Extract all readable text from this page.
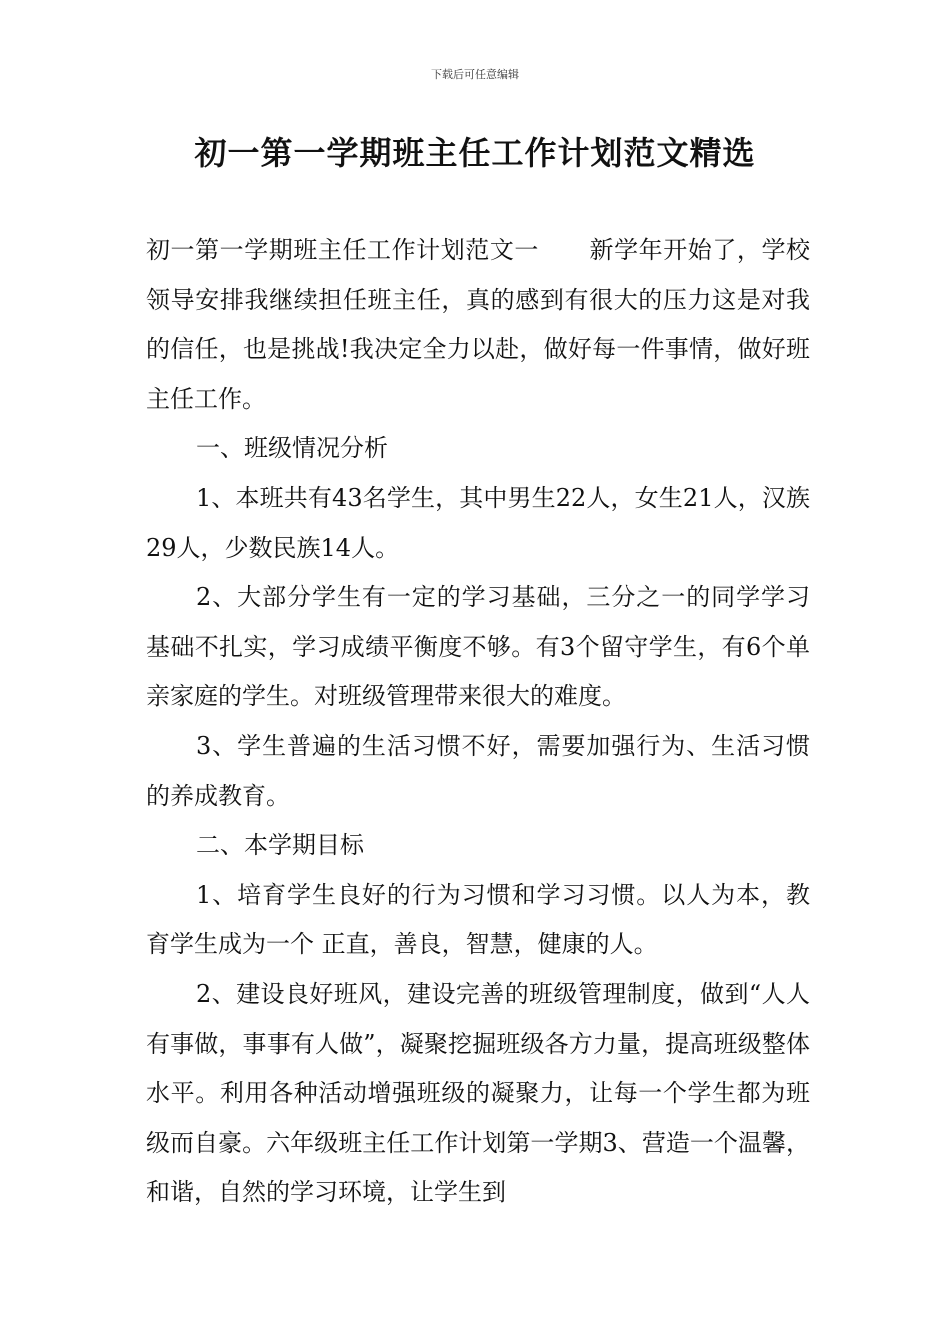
下载后可任意编辑
初一第一学期班主任工作计划范文精选

初一第一学期班主任工作计划范文一 新学年开始了，学校领导安排我继续担任班主任，真的感到有很大的压力这是对我的信任，也是挑战!我决定全力以赴，做好每一件事情，做好班主任工作。

一、班级情况分析

1、本班共有43名学生，其中男生22人，女生21人，汉族29人，少数民族14人。

2、大部分学生有一定的学习基础，三分之一的同学学习基础不扎实，学习成绩平衡度不够。有3个留守学生，有6个单亲家庭的学生。对班级管理带来很大的难度。

3、学生普遍的生活习惯不好，需要加强行为、生活习惯的养成教育。

二、本学期目标

1、培育学生良好的行为习惯和学习习惯。以人为本，教育学生成为一个 正直，善良，智慧，健康的人。

2、建设良好班风，建设完善的班级管理制度，做到“人人有事做，事事有人做”，凝聚挖掘班级各方力量，提高班级整体水平。利用各种活动增强班级的凝聚力，让每一个学生都为班级而自豪。六年级班主任工作计划第一学期3、营造一个温馨，和谐，自然的学习环境，让学生到
